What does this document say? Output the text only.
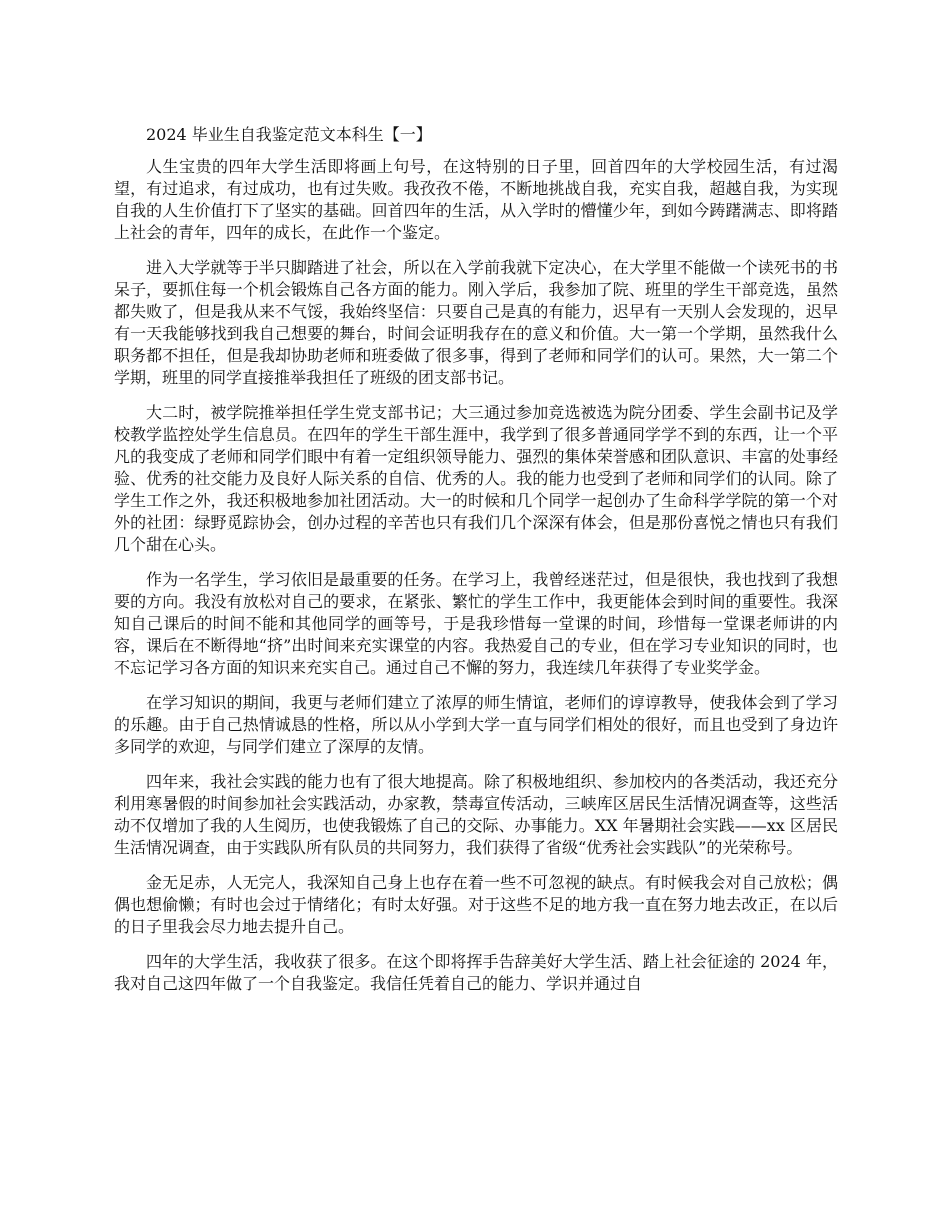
2024 毕业生自我鉴定范文本科生【一】

人生宝贵的四年大学生活即将画上句号，在这特别的日子里，回首四年的大学校园生活，有过渴望，有过追求，有过成功，也有过失败。我孜孜不倦，不断地挑战自我，充实自我，超越自我，为实现自我的人生价值打下了坚实的基础。回首四年的生活，从入学时的懵懂少年，到如今踌躇满志、即将踏上社会的青年，四年的成长，在此作一个鉴定。

进入大学就等于半只脚踏进了社会，所以在入学前我就下定决心，在大学里不能做一个读死书的书呆子，要抓住每一个机会锻炼自己各方面的能力。刚入学后，我参加了院、班里的学生干部竞选，虽然都失败了，但是我从来不气馁，我始终坚信：只要自己是真的有能力，迟早有一天别人会发现的，迟早有一天我能够找到我自己想要的舞台，时间会证明我存在的意义和价值。大一第一个学期，虽然我什么职务都不担任，但是我却协助老师和班委做了很多事，得到了老师和同学们的认可。果然，大一第二个学期，班里的同学直接推举我担任了班级的团支部书记。

大二时，被学院推举担任学生党支部书记；大三通过参加竞选被选为院分团委、学生会副书记及学校教学监控处学生信息员。在四年的学生干部生涯中，我学到了很多普通同学学不到的东西，让一个平凡的我变成了老师和同学们眼中有着一定组织领导能力、强烈的集体荣誉感和团队意识、丰富的处事经验、优秀的社交能力及良好人际关系的自信、优秀的人。我的能力也受到了老师和同学们的认同。除了学生工作之外，我还积极地参加社团活动。大一的时候和几个同学一起创办了生命科学学院的第一个对外的社团：绿野觅踪协会，创办过程的辛苦也只有我们几个深深有体会，但是那份喜悦之情也只有我们几个甜在心头。

作为一名学生，学习依旧是最重要的任务。在学习上，我曾经迷茫过，但是很快，我也找到了我想要的方向。我没有放松对自己的要求，在紧张、繁忙的学生工作中，我更能体会到时间的重要性。我深知自己课后的时间不能和其他同学的画等号，于是我珍惜每一堂课的时间，珍惜每一堂课老师讲的内容，课后在不断得地“挤”出时间来充实课堂的内容。我热爱自己的专业，但在学习专业知识的同时，也不忘记学习各方面的知识来充实自己。通过自己不懈的努力，我连续几年获得了专业奖学金。

在学习知识的期间，我更与老师们建立了浓厚的师生情谊，老师们的谆谆教导，使我体会到了学习的乐趣。由于自己热情诚恳的性格，所以从小学到大学一直与同学们相处的很好，而且也受到了身边许多同学的欢迎，与同学们建立了深厚的友情。

四年来，我社会实践的能力也有了很大地提高。除了积极地组织、参加校内的各类活动，我还充分利用寒暑假的时间参加社会实践活动，办家教，禁毒宣传活动，三峡库区居民生活情况调查等，这些活动不仅增加了我的人生阅历，也使我锻炼了自己的交际、办事能力。XX 年暑期社会实践——xx 区居民生活情况调查，由于实践队所有队员的共同努力，我们获得了省级“优秀社会实践队”的光荣称号。

金无足赤，人无完人，我深知自己身上也存在着一些不可忽视的缺点。有时候我会对自己放松；偶偶也想偷懒；有时也会过于情绪化；有时太好强。对于这些不足的地方我一直在努力地去改正，在以后的日子里我会尽力地去提升自己。

四年的大学生活，我收获了很多。在这个即将挥手告辞美好大学生活、踏上社会征途的 2024 年，我对自己这四年做了一个自我鉴定。我信任凭着自己的能力、学识并通过自
